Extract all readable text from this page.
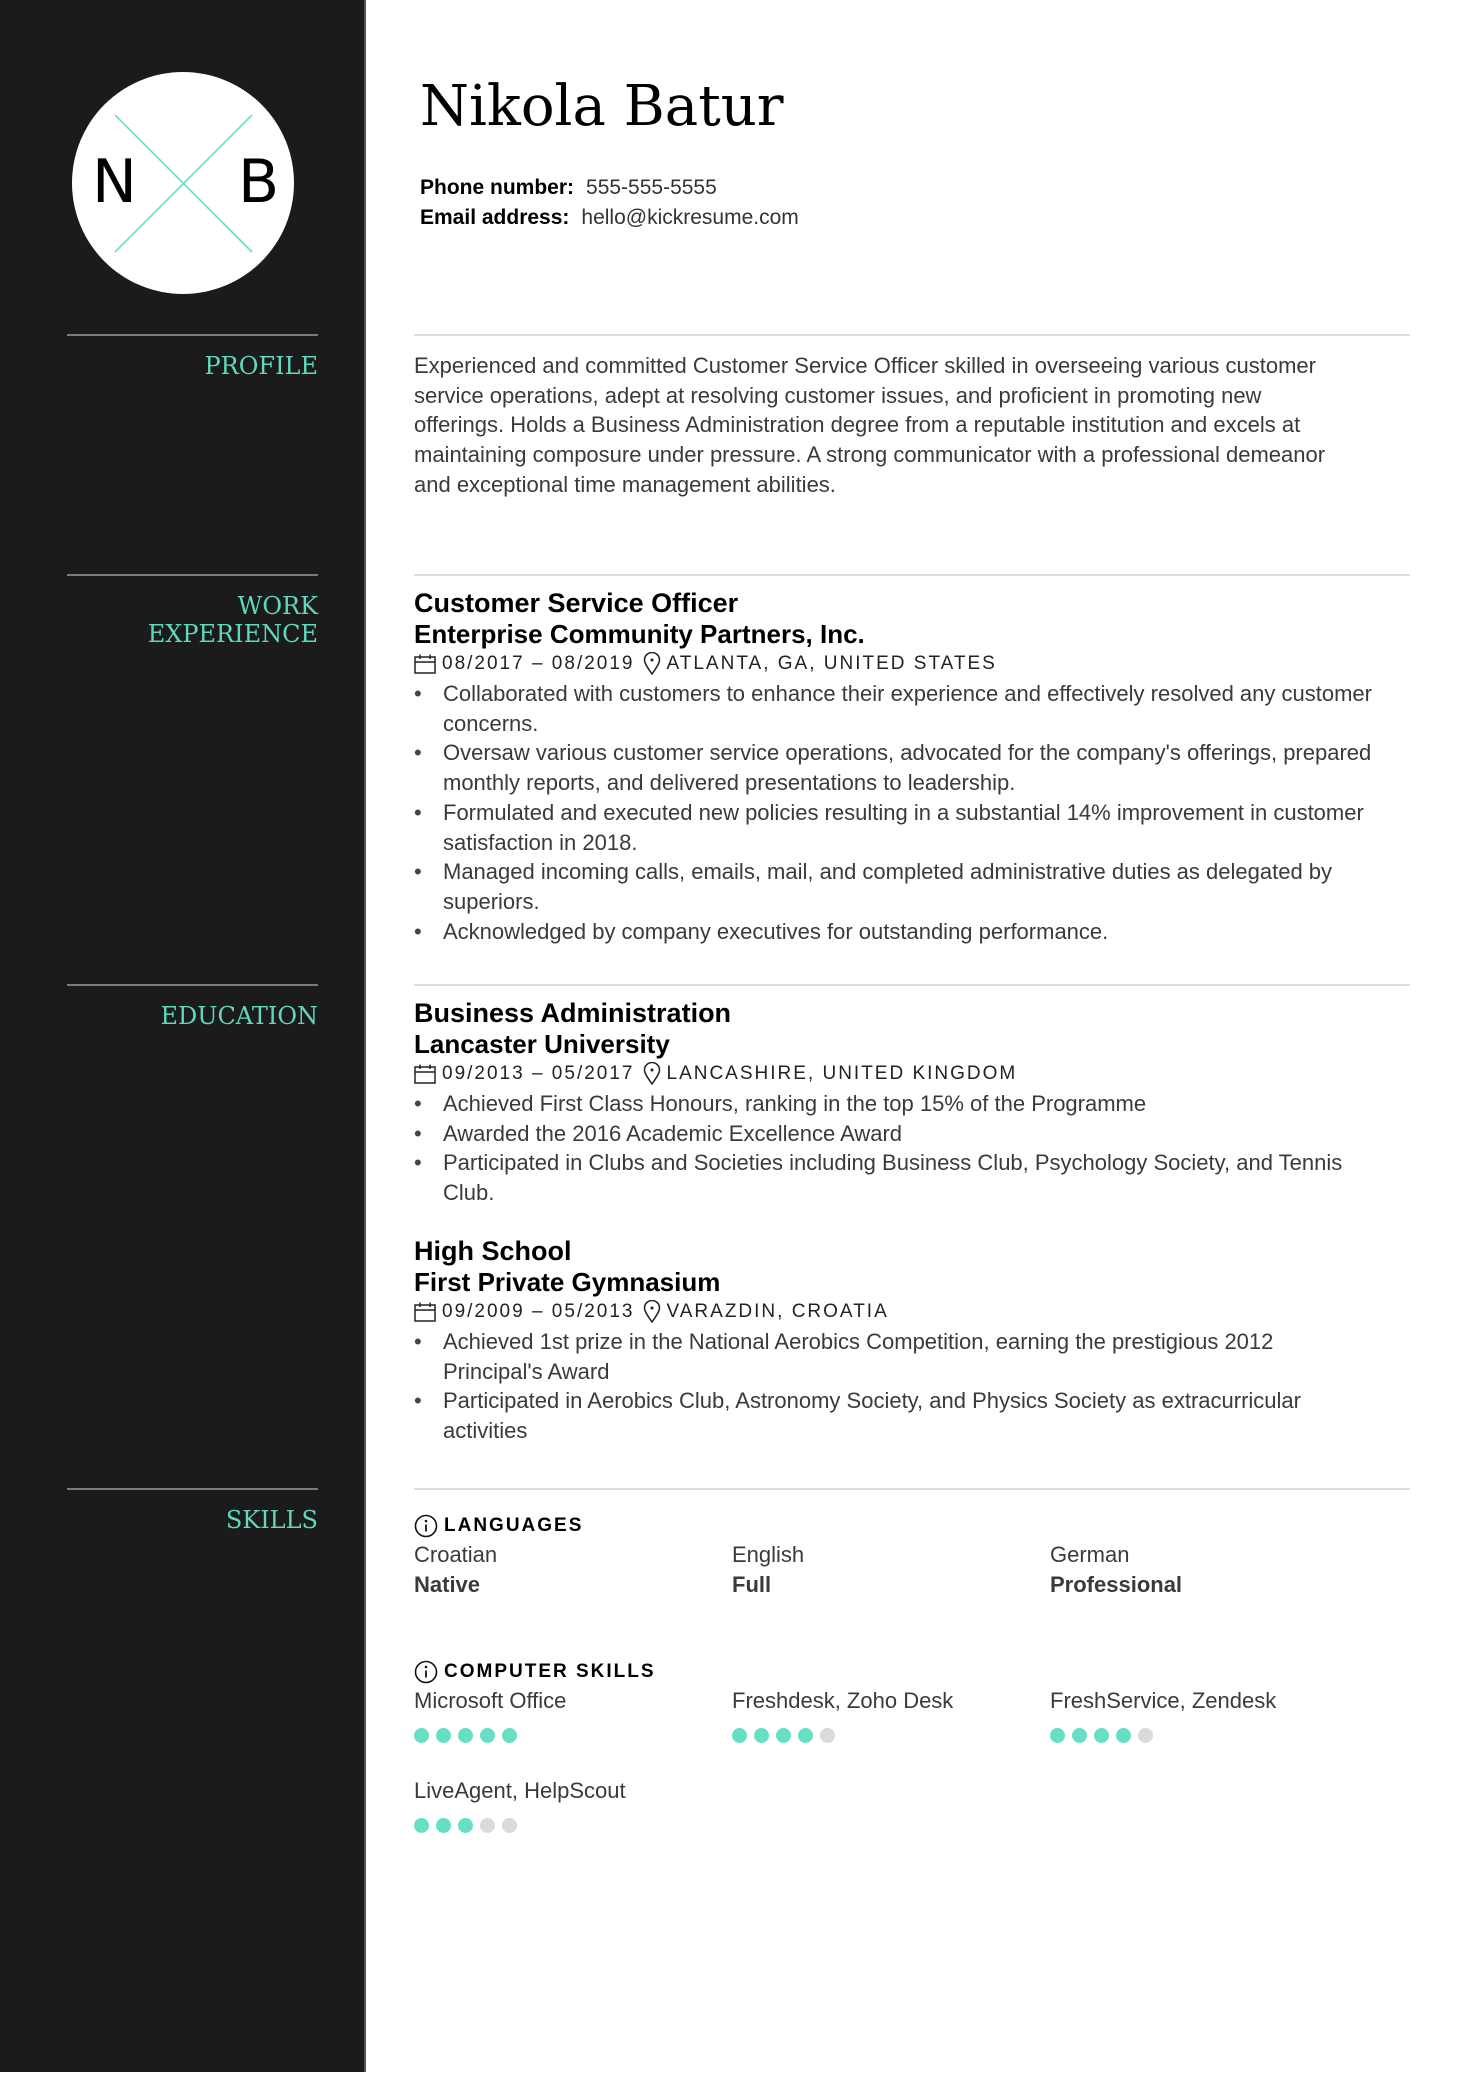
N B
PROFILE
WORK EXPERIENCE
EDUCATION
SKILLS
Nikola Batur
Phone number: 555-555-5555
Email address: hello@kickresume.com

Experienced and committed Customer Service Officer skilled in overseeing various customer service operations, adept at resolving customer issues, and proficient in promoting new offerings. Holds a Business Administration degree from a reputable institution and excels at maintaining composure under pressure. A strong communicator with a professional demeanor and exceptional time management abilities.

Customer Service Officer
Enterprise Community Partners, Inc.
08/2017 – 08/2019 ATLANTA, GA, UNITED STATES
• Collaborated with customers to enhance their experience and effectively resolved any customer concerns.
• Oversaw various customer service operations, advocated for the company's offerings, prepared monthly reports, and delivered presentations to leadership.
• Formulated and executed new policies resulting in a substantial 14% improvement in customer satisfaction in 2018.
• Managed incoming calls, emails, mail, and completed administrative duties as delegated by superiors.
• Acknowledged by company executives for outstanding performance.
Business Administration
Lancaster University
09/2013 – 05/2017 LANCASHIRE, UNITED KINGDOM
• Achieved First Class Honours, ranking in the top 15% of the Programme
• Awarded the 2016 Academic Excellence Award
• Participated in Clubs and Societies including Business Club, Psychology Society, and Tennis Club.
High School
First Private Gymnasium
09/2009 – 05/2013 VARAZDIN, CROATIA
• Achieved 1st prize in the National Aerobics Competition, earning the prestigious 2012 Principal's Award
• Participated in Aerobics Club, Astronomy Society, and Physics Society as extracurricular activities
LANGUAGES
Croatian
Native
English
Full
German
Professional
COMPUTER SKILLS
Microsoft Office	Freshdesk, Zoho Desk	FreshService, Zendesk
LiveAgent, HelpScout
